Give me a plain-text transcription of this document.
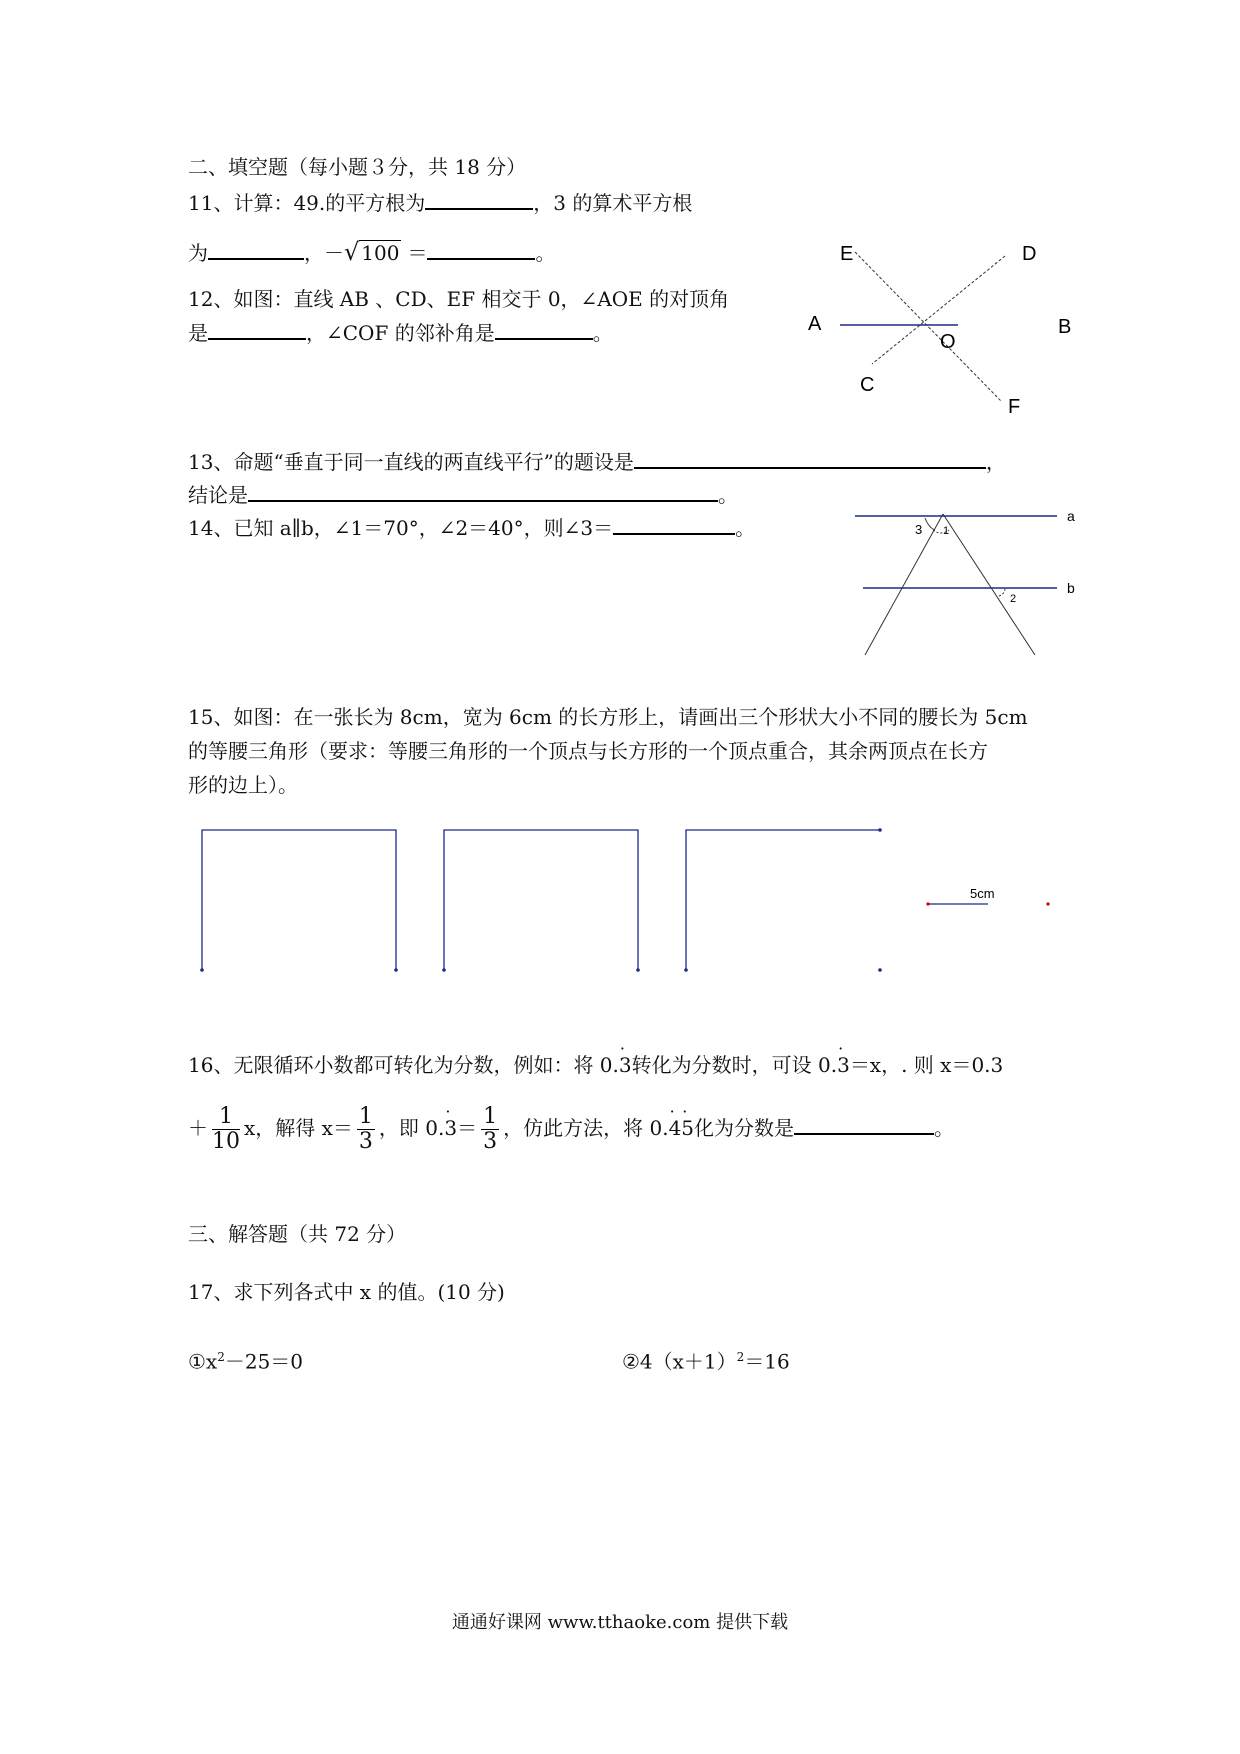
二、填空题（每小题３分，共 18 分）
11、计算：49.的平方根为	，3 的算术平方根
为	，－√ 100 ＝	。
12、如图：直线 AB 、CD、EF 相交于 0，∠AOE 的对顶角
是	，∠COF 的邻补角是	。
E	D
A	B
O
C
F
13、命题“垂直于同一直线的两直线平行”的题设是	，
结论是	。
14、已知 a∥b，∠1＝70°，∠2＝40°，则∠3＝	。	3 1
2
a
b
15、如图：在一张长为 8cm，宽为 6cm 的长方形上，请画出三个形状大小不同的腰长为 5cm
的等腰三角形（要求：等腰三角形的一个顶点与长方形的一个顶点重合，其余两顶点在长方
形的边上）。
5cm
16、无限循环小数都可转化为分数，例如：将 0.· 3转化为分数时，可设 0.· 3＝x，. 则 x＝0.3
＋ $\frac{1}{10}$ x，解得 $x= \frac{1}{3}$ ，即 $0.\cdot 3= \frac{1}{3}$ ，仿此方法，将 0.· 4· 5化为分数是	。
三、解答题（共 72 分）
17、求下列各式中 x 的值。(10 分)
$①x^2-25=0$	$②4(x+1)^2=16$
通通好课网 www.tthaoke.com 提供下载
